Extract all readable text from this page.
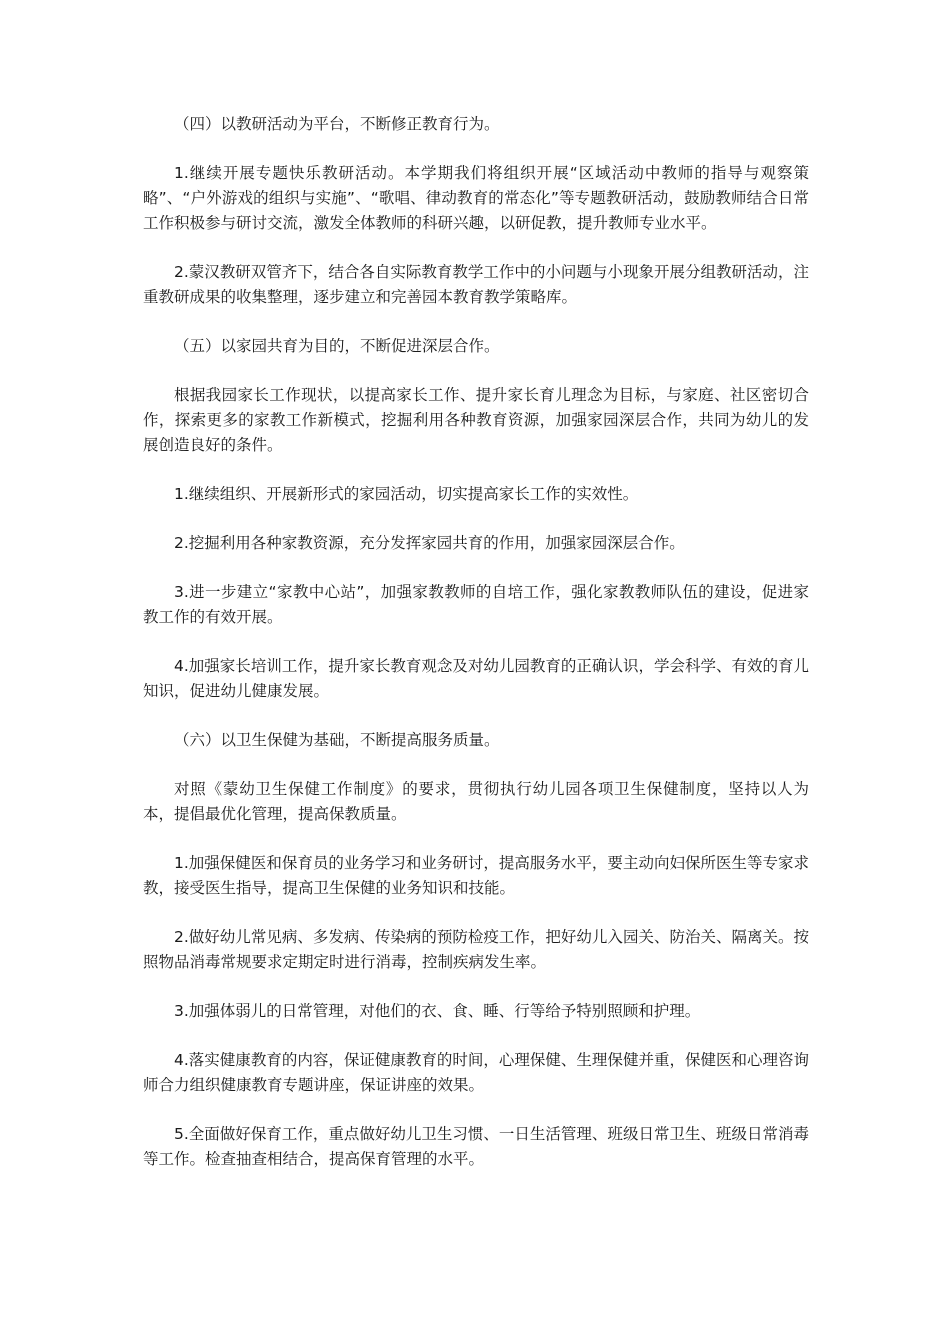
（四）以教研活动为平台，不断修正教育行为。

1.继续开展专题快乐教研活动。本学期我们将组织开展“区域活动中教师的指导与观察策略”、“户外游戏的组织与实施”、“歌唱、律动教育的常态化”等专题教研活动，鼓励教师结合日常工作积极参与研讨交流，激发全体教师的科研兴趣，以研促教，提升教师专业水平。

2.蒙汉教研双管齐下，结合各自实际教育教学工作中的小问题与小现象开展分组教研活动，注重教研成果的收集整理，逐步建立和完善园本教育教学策略库。

（五）以家园共育为目的，不断促进深层合作。

根据我园家长工作现状，以提高家长工作、提升家长育儿理念为目标，与家庭、社区密切合作，探索更多的家教工作新模式，挖掘利用各种教育资源，加强家园深层合作，共同为幼儿的发展创造良好的条件。

1.继续组织、开展新形式的家园活动，切实提高家长工作的实效性。

2.挖掘利用各种家教资源，充分发挥家园共育的作用，加强家园深层合作。

3.进一步建立“家教中心站”，加强家教教师的自培工作，强化家教教师队伍的建设，促进家教工作的有效开展。

4.加强家长培训工作，提升家长教育观念及对幼儿园教育的正确认识，学会科学、有效的育儿知识，促进幼儿健康发展。

（六）以卫生保健为基础，不断提高服务质量。

对照《蒙幼卫生保健工作制度》的要求，贯彻执行幼儿园各项卫生保健制度，坚持以人为本，提倡最优化管理，提高保教质量。

1.加强保健医和保育员的业务学习和业务研讨，提高服务水平，要主动向妇保所医生等专家求教，接受医生指导，提高卫生保健的业务知识和技能。

2.做好幼儿常见病、多发病、传染病的预防检疫工作，把好幼儿入园关、防治关、隔离关。按照物品消毒常规要求定期定时进行消毒，控制疾病发生率。

3.加强体弱儿的日常管理，对他们的衣、食、睡、行等给予特别照顾和护理。

4.落实健康教育的内容，保证健康教育的时间，心理保健、生理保健并重，保健医和心理咨询师合力组织健康教育专题讲座，保证讲座的效果。

5.全面做好保育工作，重点做好幼儿卫生习惯、一日生活管理、班级日常卫生、班级日常消毒等工作。检查抽查相结合，提高保育管理的水平。
